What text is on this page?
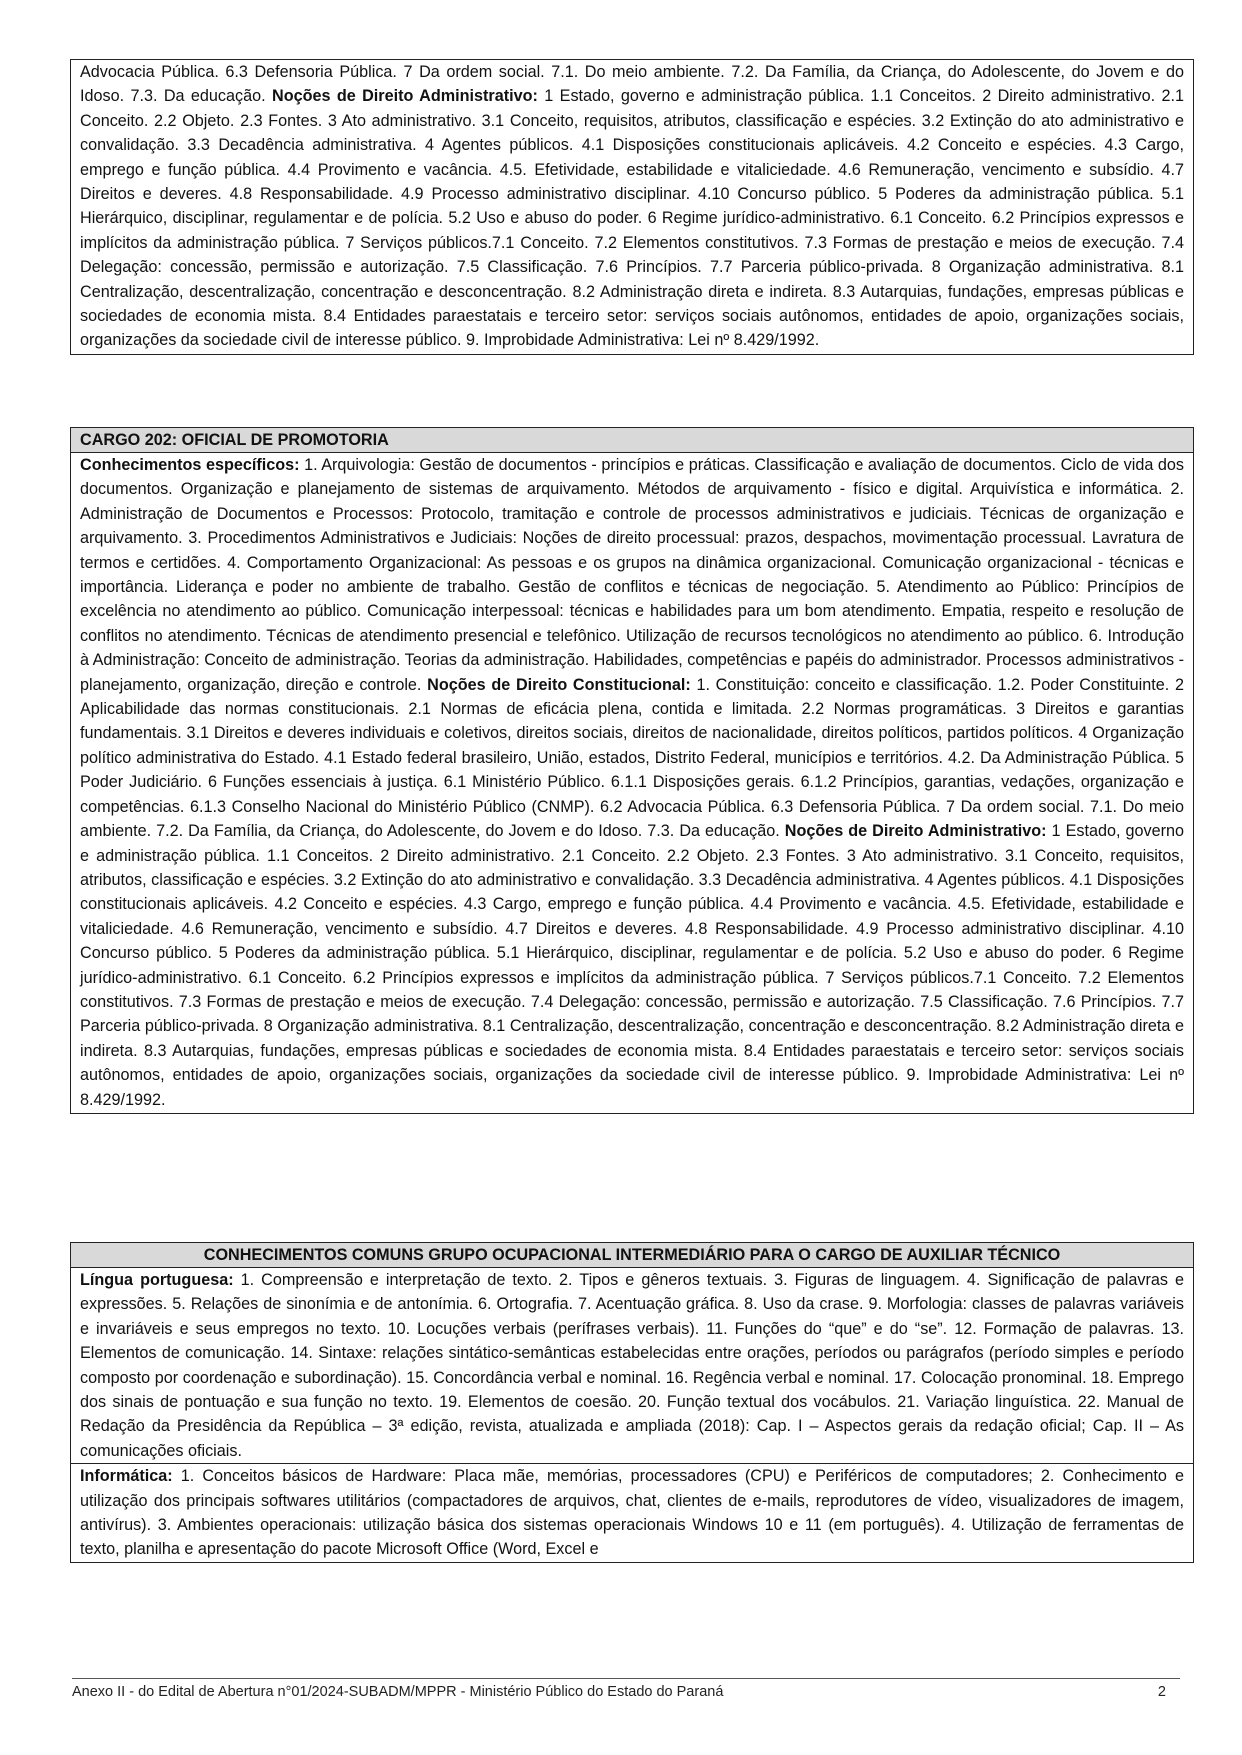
Advocacia Pública. 6.3 Defensoria Pública. 7 Da ordem social. 7.1. Do meio ambiente. 7.2. Da Família, da Criança, do Adolescente, do Jovem e do Idoso. 7.3. Da educação. Noções de Direito Administrativo: 1 Estado, governo e administração pública. 1.1 Conceitos. 2 Direito administrativo. 2.1 Conceito. 2.2 Objeto. 2.3 Fontes. 3 Ato administrativo. 3.1 Conceito, requisitos, atributos, classificação e espécies. 3.2 Extinção do ato administrativo e convalidação. 3.3 Decadência administrativa. 4 Agentes públicos. 4.1 Disposições constitucionais aplicáveis. 4.2 Conceito e espécies. 4.3 Cargo, emprego e função pública. 4.4 Provimento e vacância. 4.5. Efetividade, estabilidade e vitaliciedade. 4.6 Remuneração, vencimento e subsídio. 4.7 Direitos e deveres. 4.8 Responsabilidade. 4.9 Processo administrativo disciplinar. 4.10 Concurso público. 5 Poderes da administração pública. 5.1 Hierárquico, disciplinar, regulamentar e de polícia. 5.2 Uso e abuso do poder. 6 Regime jurídico-administrativo. 6.1 Conceito. 6.2 Princípios expressos e implícitos da administração pública. 7 Serviços públicos.7.1 Conceito. 7.2 Elementos constitutivos. 7.3 Formas de prestação e meios de execução. 7.4 Delegação: concessão, permissão e autorização. 7.5 Classificação. 7.6 Princípios. 7.7 Parceria público-privada. 8 Organização administrativa. 8.1 Centralização, descentralização, concentração e desconcentração. 8.2 Administração direta e indireta. 8.3 Autarquias, fundações, empresas públicas e sociedades de economia mista. 8.4 Entidades paraestatais e terceiro setor: serviços sociais autônomos, entidades de apoio, organizações sociais, organizações da sociedade civil de interesse público. 9. Improbidade Administrativa: Lei nº 8.429/1992.
CARGO 202: OFICIAL DE PROMOTORIA
Conhecimentos específicos: 1. Arquivologia: Gestão de documentos - princípios e práticas. Classificação e avaliação de documentos. Ciclo de vida dos documentos. Organização e planejamento de sistemas de arquivamento. Métodos de arquivamento - físico e digital. Arquivística e informática. 2. Administração de Documentos e Processos: Protocolo, tramitação e controle de processos administrativos e judiciais. Técnicas de organização e arquivamento. 3. Procedimentos Administrativos e Judiciais: Noções de direito processual: prazos, despachos, movimentação processual. Lavratura de termos e certidões. 4. Comportamento Organizacional: As pessoas e os grupos na dinâmica organizacional. Comunicação organizacional - técnicas e importância. Liderança e poder no ambiente de trabalho. Gestão de conflitos e técnicas de negociação. 5. Atendimento ao Público: Princípios de excelência no atendimento ao público. Comunicação interpessoal: técnicas e habilidades para um bom atendimento. Empatia, respeito e resolução de conflitos no atendimento. Técnicas de atendimento presencial e telefônico. Utilização de recursos tecnológicos no atendimento ao público. 6. Introdução à Administração: Conceito de administração. Teorias da administração. Habilidades, competências e papéis do administrador. Processos administrativos - planejamento, organização, direção e controle. Noções de Direito Constitucional: 1. Constituição: conceito e classificação. 1.2. Poder Constituinte. 2 Aplicabilidade das normas constitucionais. 2.1 Normas de eficácia plena, contida e limitada. 2.2 Normas programáticas. 3 Direitos e garantias fundamentais. 3.1 Direitos e deveres individuais e coletivos, direitos sociais, direitos de nacionalidade, direitos políticos, partidos políticos. 4 Organização político administrativa do Estado. 4.1 Estado federal brasileiro, União, estados, Distrito Federal, municípios e territórios. 4.2. Da Administração Pública. 5 Poder Judiciário. 6 Funções essenciais à justiça. 6.1 Ministério Público. 6.1.1 Disposições gerais. 6.1.2 Princípios, garantias, vedações, organização e competências. 6.1.3 Conselho Nacional do Ministério Público (CNMP). 6.2 Advocacia Pública. 6.3 Defensoria Pública. 7 Da ordem social. 7.1. Do meio ambiente. 7.2. Da Família, da Criança, do Adolescente, do Jovem e do Idoso. 7.3. Da educação. Noções de Direito Administrativo: 1 Estado, governo e administração pública. 1.1 Conceitos. 2 Direito administrativo. 2.1 Conceito. 2.2 Objeto. 2.3 Fontes. 3 Ato administrativo. 3.1 Conceito, requisitos, atributos, classificação e espécies. 3.2 Extinção do ato administrativo e convalidação. 3.3 Decadência administrativa. 4 Agentes públicos. 4.1 Disposições constitucionais aplicáveis. 4.2 Conceito e espécies. 4.3 Cargo, emprego e função pública. 4.4 Provimento e vacância. 4.5. Efetividade, estabilidade e vitaliciedade. 4.6 Remuneração, vencimento e subsídio. 4.7 Direitos e deveres. 4.8 Responsabilidade. 4.9 Processo administrativo disciplinar. 4.10 Concurso público. 5 Poderes da administração pública. 5.1 Hierárquico, disciplinar, regulamentar e de polícia. 5.2 Uso e abuso do poder. 6 Regime jurídico-administrativo. 6.1 Conceito. 6.2 Princípios expressos e implícitos da administração pública. 7 Serviços públicos.7.1 Conceito. 7.2 Elementos constitutivos. 7.3 Formas de prestação e meios de execução. 7.4 Delegação: concessão, permissão e autorização. 7.5 Classificação. 7.6 Princípios. 7.7 Parceria público-privada. 8 Organização administrativa. 8.1 Centralização, descentralização, concentração e desconcentração. 8.2 Administração direta e indireta. 8.3 Autarquias, fundações, empresas públicas e sociedades de economia mista. 8.4 Entidades paraestatais e terceiro setor: serviços sociais autônomos, entidades de apoio, organizações sociais, organizações da sociedade civil de interesse público. 9. Improbidade Administrativa: Lei nº 8.429/1992.
CONHECIMENTOS COMUNS GRUPO OCUPACIONAL INTERMEDIÁRIO PARA O CARGO DE AUXILIAR TÉCNICO
Língua portuguesa: 1. Compreensão e interpretação de texto. 2. Tipos e gêneros textuais. 3. Figuras de linguagem. 4. Significação de palavras e expressões. 5. Relações de sinonímia e de antonímia. 6. Ortografia. 7. Acentuação gráfica. 8. Uso da crase. 9. Morfologia: classes de palavras variáveis e invariáveis e seus empregos no texto. 10. Locuções verbais (perífrases verbais). 11. Funções do “que” e do “se”. 12. Formação de palavras. 13. Elementos de comunicação. 14. Sintaxe: relações sintático-semânticas estabelecidas entre orações, períodos ou parágrafos (período simples e período composto por coordenação e subordinação). 15. Concordância verbal e nominal. 16. Regência verbal e nominal. 17. Colocação pronominal. 18. Emprego dos sinais de pontuação e sua função no texto. 19. Elementos de coesão. 20. Função textual dos vocábulos. 21. Variação linguística. 22. Manual de Redação da Presidência da República – 3ª edição, revista, atualizada e ampliada (2018): Cap. I – Aspectos gerais da redação oficial; Cap. II – As comunicações oficiais.
Informática: 1. Conceitos básicos de Hardware: Placa mãe, memórias, processadores (CPU) e Periféricos de computadores; 2. Conhecimento e utilização dos principais softwares utilitários (compactadores de arquivos, chat, clientes de e-mails, reprodutores de vídeo, visualizadores de imagem, antivírus). 3. Ambientes operacionais: utilização básica dos sistemas operacionais Windows 10 e 11 (em português). 4. Utilização de ferramentas de texto, planilha e apresentação do pacote Microsoft Office (Word, Excel e
Anexo II - do Edital de Abertura n°01/2024-SUBADM/MPPR - Ministério Público do Estado do Paraná	2
